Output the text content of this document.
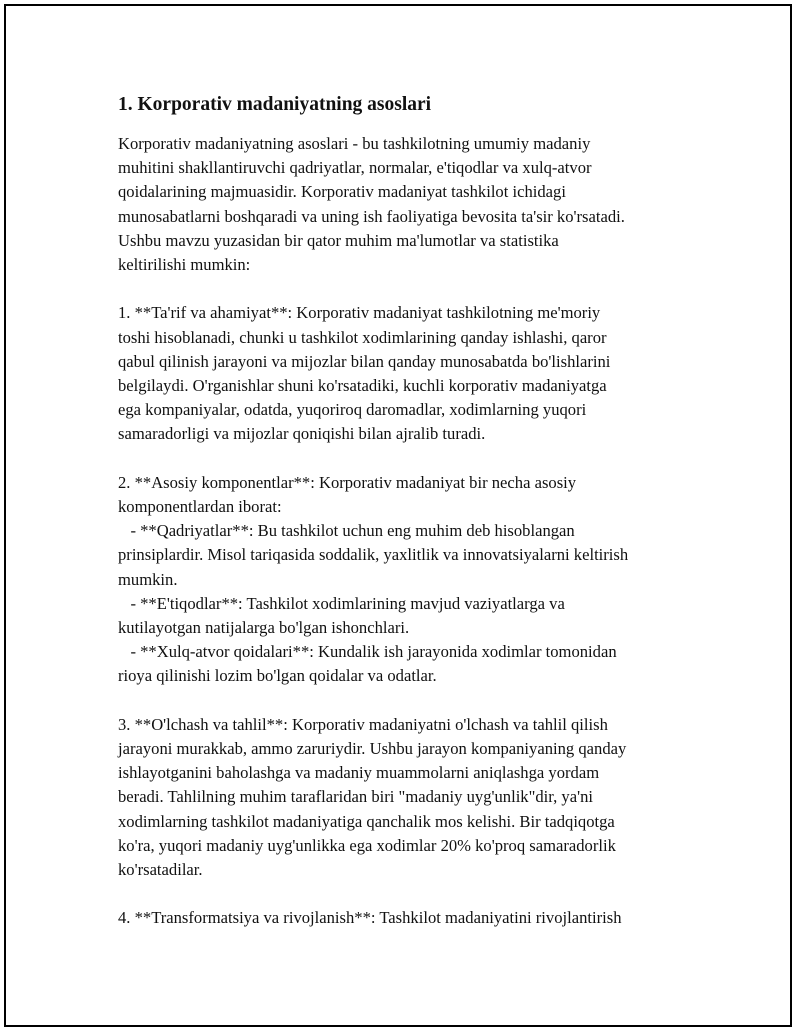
1. Korporativ madaniyatning asoslari

Korporativ madaniyatning asoslari - bu tashkilotning umumiy madaniy

muhitini shakllantiruvchi qadriyatlar, normalar, e'tiqodlar va xulq-atvor

qoidalarining majmuasidir. Korporativ madaniyat tashkilot ichidagi

munosabatlarni boshqaradi va uning ish faoliyatiga bevosita ta'sir ko'rsatadi.

Ushbu mavzu yuzasidan bir qator muhim ma'lumotlar va statistika

keltirilishi mumkin:

1. **Ta'rif va ahamiyat**: Korporativ madaniyat tashkilotning me'moriy

toshi hisoblanadi, chunki u tashkilot xodimlarining qanday ishlashi, qaror

qabul qilinish jarayoni va mijozlar bilan qanday munosabatda bo'lishlarini

belgilaydi. O'rganishlar shuni ko'rsatadiki, kuchli korporativ madaniyatga

ega kompaniyalar, odatda, yuqoriroq daromadlar, xodimlarning yuqori

samaradorligi va mijozlar qoniqishi bilan ajralib turadi.

2. **Asosiy komponentlar**: Korporativ madaniyat bir necha asosiy

komponentlardan iborat:

- **Qadriyatlar**: Bu tashkilot uchun eng muhim deb hisoblangan

prinsiplardir. Misol tariqasida soddalik, yaxlitlik va innovatsiyalarni keltirish

mumkin.

- **E'tiqodlar**: Tashkilot xodimlarining mavjud vaziyatlarga va

kutilayotgan natijalarga bo'lgan ishonchlari.

- **Xulq-atvor qoidalari**: Kundalik ish jarayonida xodimlar tomonidan

rioya qilinishi lozim bo'lgan qoidalar va odatlar.

3. **O'lchash va tahlil**: Korporativ madaniyatni o'lchash va tahlil qilish

jarayoni murakkab, ammo zaruriydir. Ushbu jarayon kompaniyaning qanday

ishlayotganini baholashga va madaniy muammolarni aniqlashga yordam

beradi. Tahlilning muhim taraflaridan biri "madaniy uyg'unlik"dir, ya'ni

xodimlarning tashkilot madaniyatiga qanchalik mos kelishi. Bir tadqiqotga

ko'ra, yuqori madaniy uyg'unlikka ega xodimlar 20% ko'proq samaradorlik

ko'rsatadilar.

4. **Transformatsiya va rivojlanish**: Tashkilot madaniyatini rivojlantirish
